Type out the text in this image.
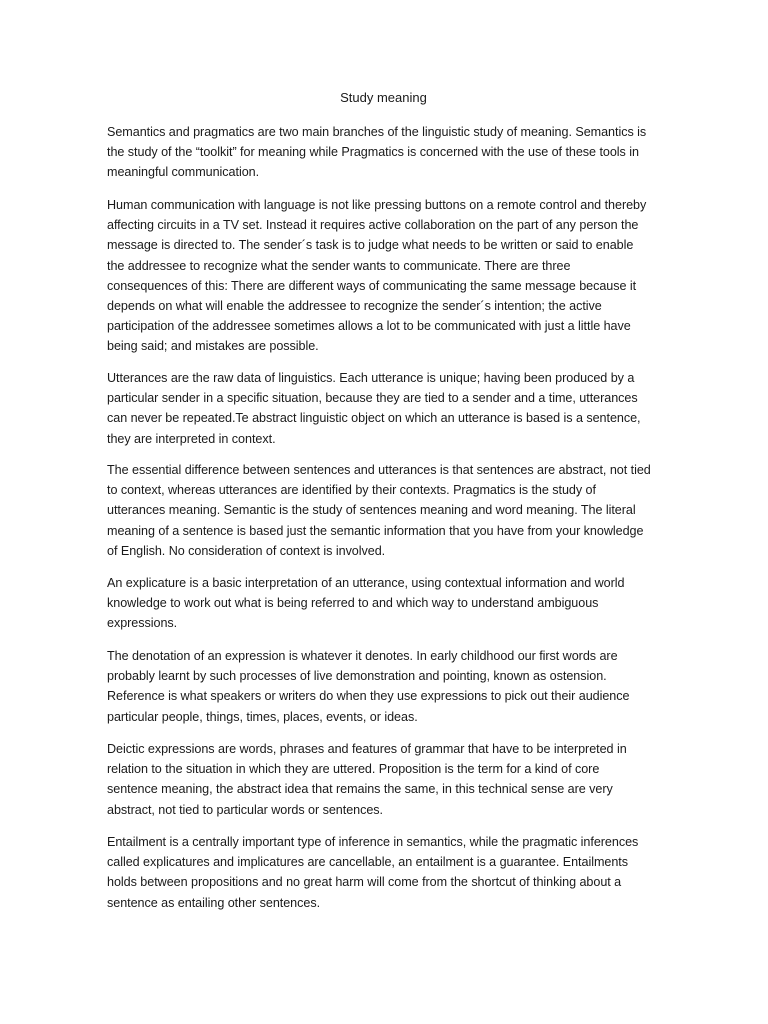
Study meaning

Semantics and pragmatics are two main branches of the linguistic study of meaning. Semantics is
the study of the “toolkit” for meaning while Pragmatics is concerned with the use of these tools in
meaningful communication.

Human communication with language is not like pressing buttons on a remote control and thereby
affecting circuits in a TV set. Instead it requires active collaboration on the part of any person the
message is directed to. The sender´s task is to judge what needs to be written or said to enable
the addressee to recognize what the sender wants to communicate. There are three
consequences of this: There are different ways of communicating the same message because it
depends on what will enable the addressee to recognize the sender´s intention; the active
participation of the addressee sometimes allows a lot to be communicated with just a little have
being said; and mistakes are possible.

Utterances are the raw data of linguistics. Each utterance is unique; having been produced by a
particular sender in a specific situation, because they are tied to a sender and a time, utterances
can never be repeated.Te abstract linguistic object on which an utterance is based is a sentence,
they are interpreted in context.

The essential difference between sentences and utterances is that sentences are abstract, not tied
to context, whereas utterances are identified by their contexts. Pragmatics is the study of
utterances meaning. Semantic is the study of sentences meaning and word meaning. The literal
meaning of a sentence is based just the semantic information that you have from your knowledge
of English. No consideration of context is involved.

An explicature is a basic interpretation of an utterance, using contextual information and world
knowledge to work out what is being referred to and which way to understand ambiguous
expressions.

The denotation of an expression is whatever it denotes. In early childhood our first words are
probably learnt by such processes of live demonstration and pointing, known as ostension.
Reference is what speakers or writers do when they use expressions to pick out their audience
particular people, things, times, places, events, or ideas.

Deictic expressions are words, phrases and features of grammar that have to be interpreted in
relation to the situation in which they are uttered. Proposition is the term for a kind of core
sentence meaning, the abstract idea that remains the same, in this technical sense are very
abstract, not tied to particular words or sentences.

Entailment is a centrally important type of inference in semantics, while the pragmatic inferences
called explicatures and implicatures are cancellable, an entailment is a guarantee. Entailments
holds between propositions and no great harm will come from the shortcut of thinking about a
sentence as entailing other sentences.
